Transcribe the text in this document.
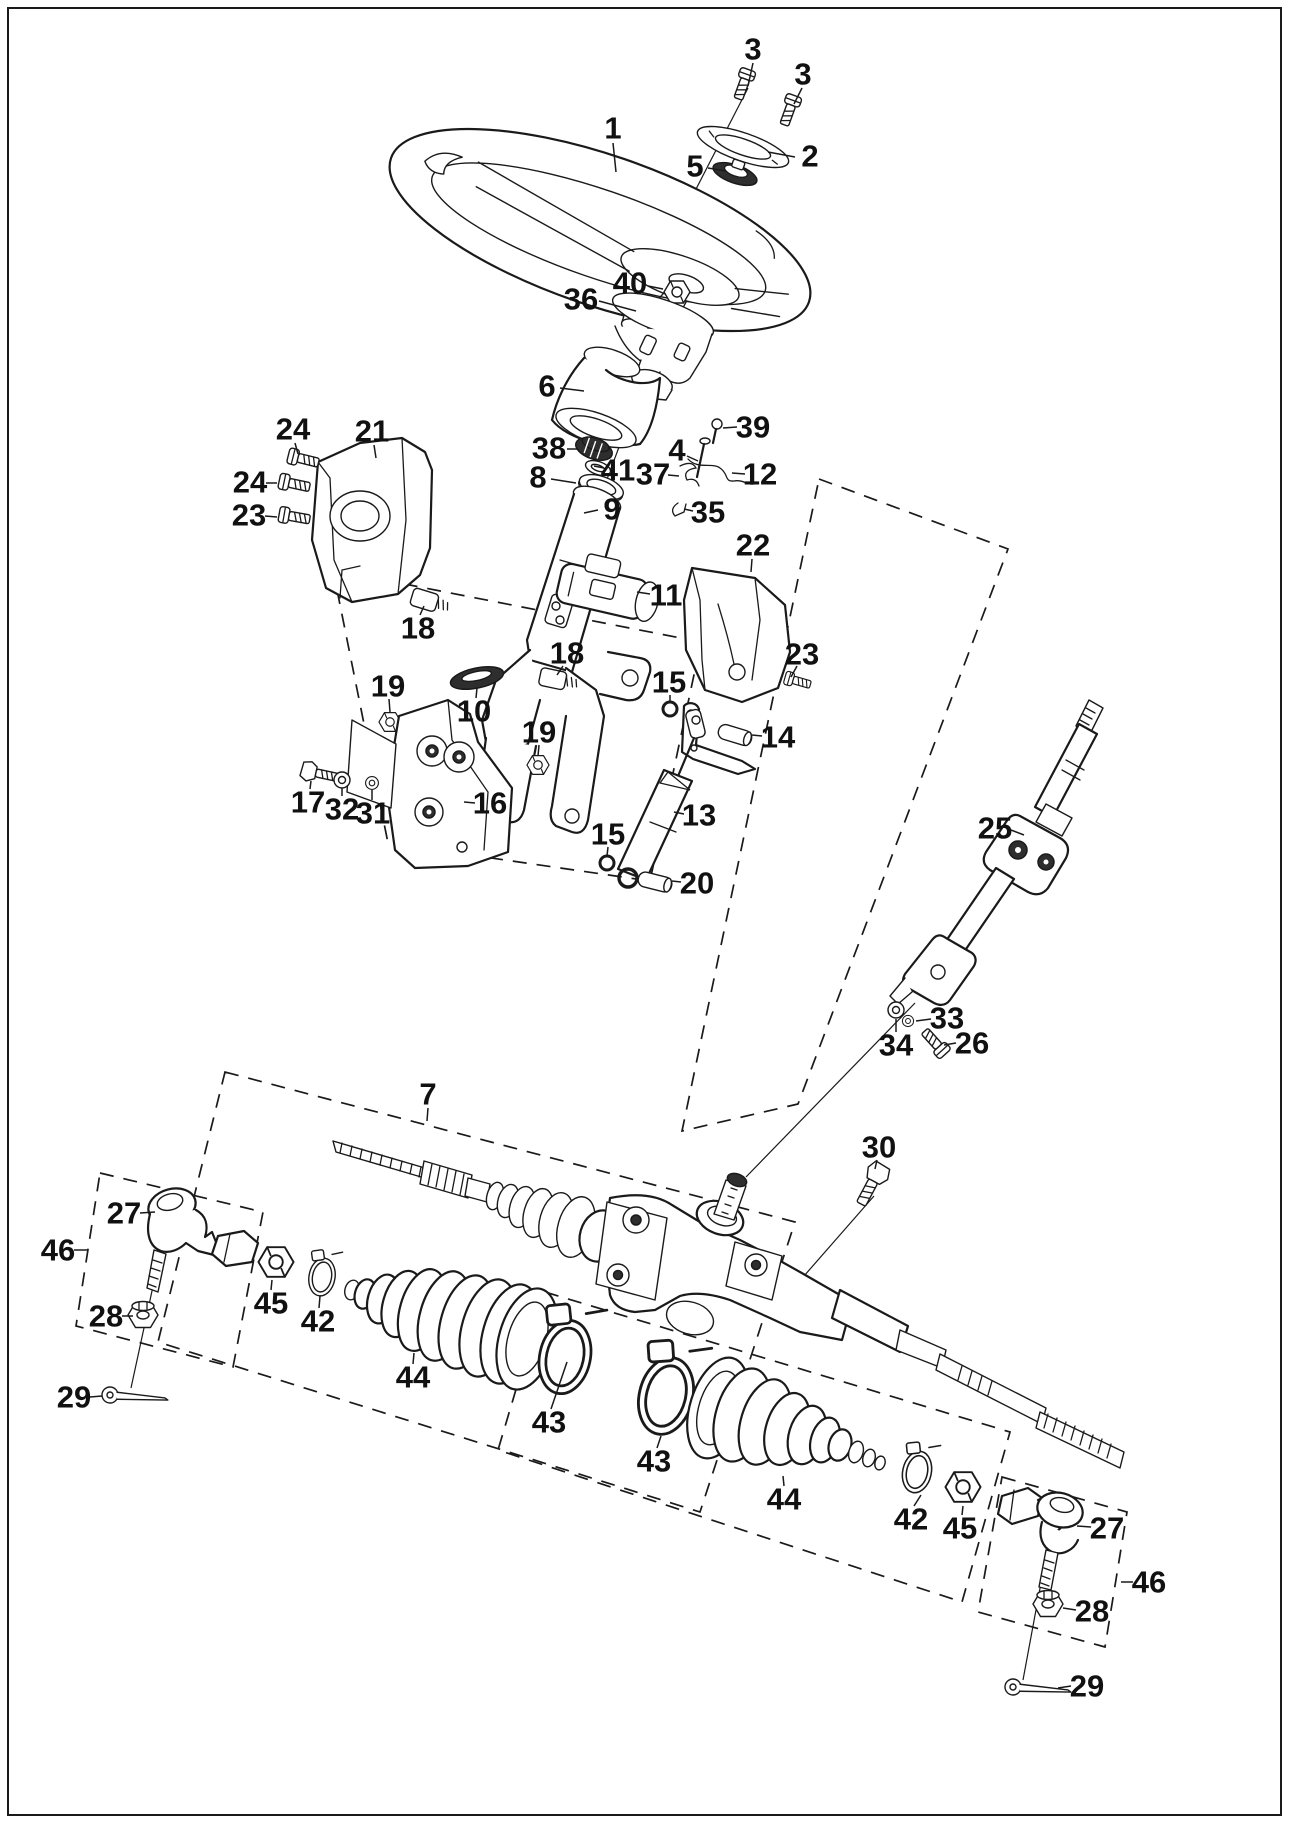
3
3
1
2
5
40
36
6
38
39
4
41 37 12
8
9 35
24 21
24
23
22
11
18
18	23
15
19
10
19	14
17 32
31	16	13	25
15
20
33
34 26
7
30
27
46
28	45
42
29
44
43
43
44
42 45	27
46
28
29
